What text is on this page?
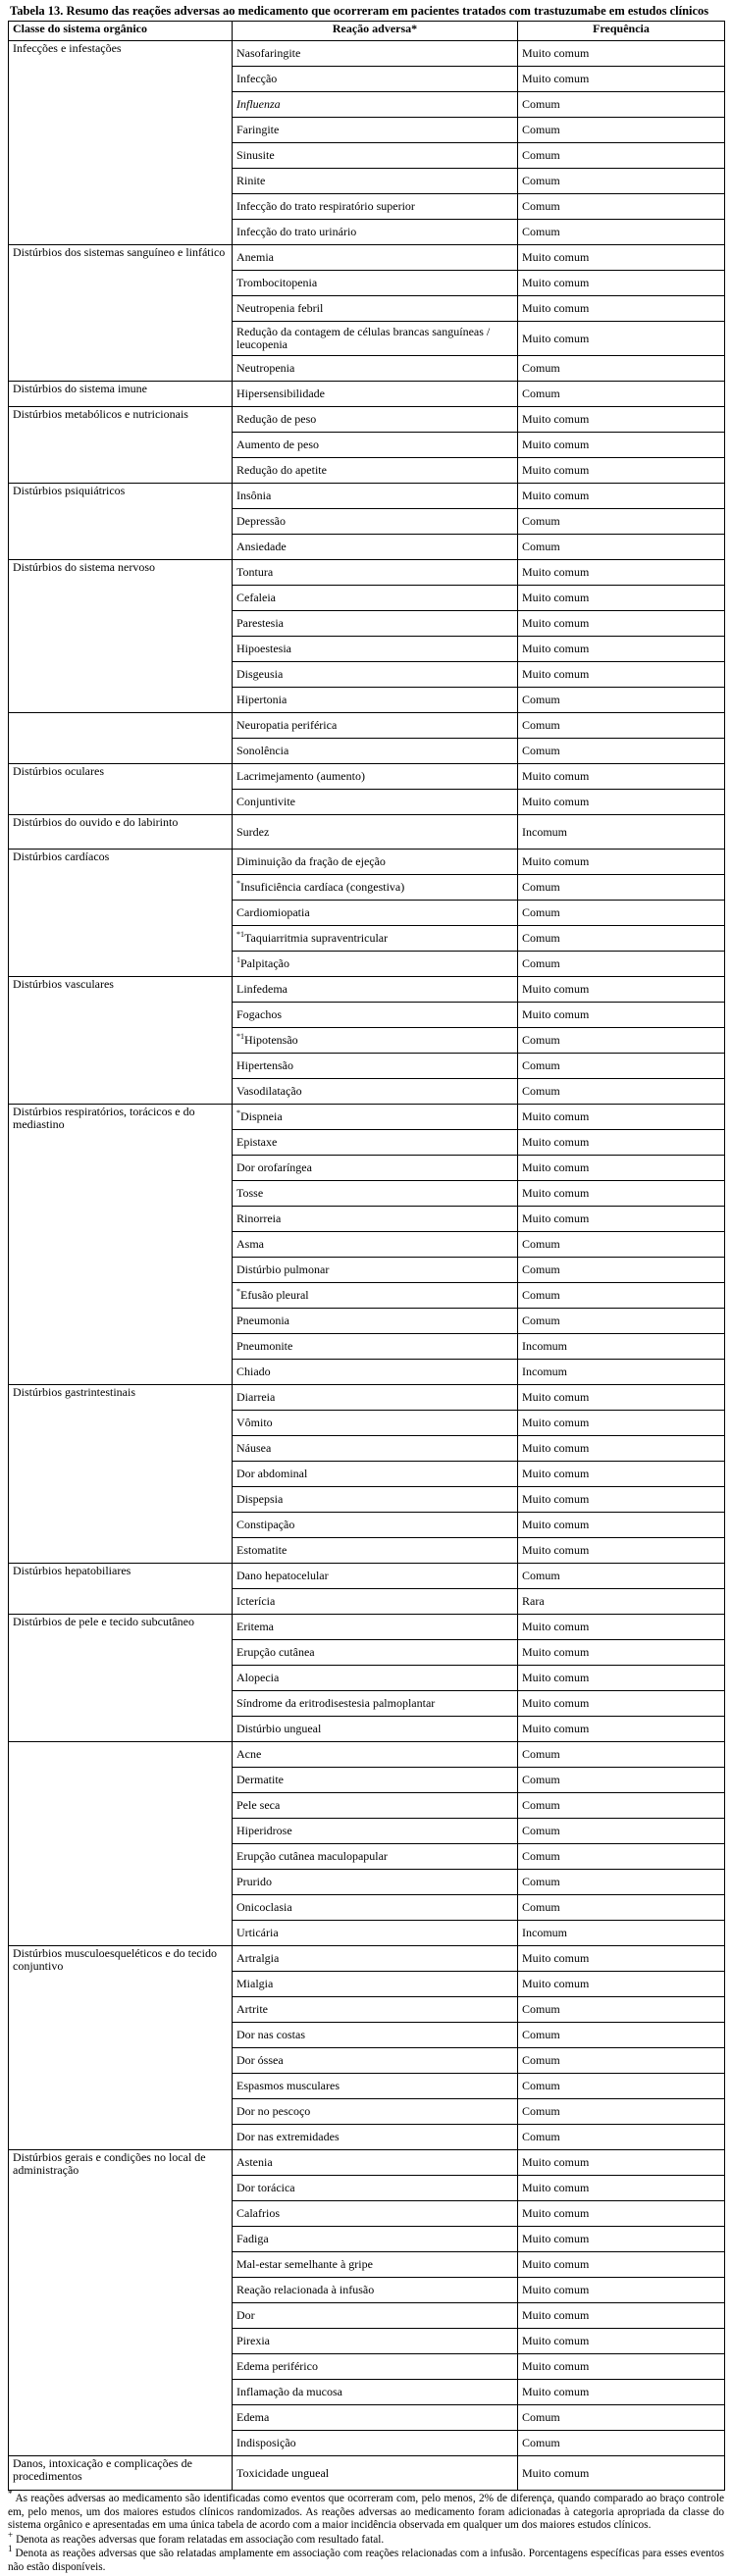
Tabela 13. Resumo das reações adversas ao medicamento que ocorreram em pacientes tratados com trastuzumabe em estudos clínicos
Classe do sistema orgânico	Reação adversa*	Frequência
Infecções e infestações	Nasofaringite	Muito comum
	Infecção	Muito comum
	Influenza	Comum
	Faringite	Comum
	Sinusite	Comum
	Rinite	Comum
	Infecção do trato respiratório superior	Comum
	Infecção do trato urinário	Comum
Distúrbios dos sistemas sanguíneo e linfático	Anemia	Muito comum
	Trombocitopenia	Muito comum
	Neutropenia febril	Muito comum
	Redução da contagem de células brancas sanguíneas / leucopenia	Muito comum
	Neutropenia	Comum
Distúrbios do sistema imune	Hipersensibilidade	Comum
Distúrbios metabólicos e nutricionais	Redução de peso	Muito comum
	Aumento de peso	Muito comum
	Redução do apetite	Muito comum
Distúrbios psiquiátricos	Insônia	Muito comum
	Depressão	Comum
	Ansiedade	Comum
Distúrbios do sistema nervoso	Tontura	Muito comum
	Cefaleia	Muito comum
	Parestesia	Muito comum
	Hipoestesia	Muito comum
	Disgeusia	Muito comum
	Hipertonia	Comum
	Neuropatia periférica	Comum
	Sonolência	Comum
Distúrbios oculares	Lacrimejamento (aumento)	Muito comum
	Conjuntivite	Muito comum
Distúrbios do ouvido e do labirinto	Surdez	Incomum
Distúrbios cardíacos	Diminuição da fração de ejeção	Muito comum
	*Insuficiência cardíaca (congestiva)	Comum
	Cardiomiopatia	Comum
	$^{*1}$Taquiarritmia supraventricular	Comum
	$^1$Palpitação	Comum
Distúrbios vasculares	Linfedema	Muito comum
	Fogachos	Muito comum
	$^{*1}$Hipotensão	Comum
	Hipertensão	Comum
	Vasodilatação	Comum
Distúrbios respiratórios, torácicos e do mediastino	*Dispneia	Muito comum
	Epistaxe	Muito comum
	Dor orofaríngea	Muito comum
	Tosse	Muito comum
	Rinorreia	Muito comum
	Asma	Comum
	Distúrbio pulmonar	Comum
	*Efusão pleural	Comum
	Pneumonia	Comum
	Pneumonite	Incomum
	Chiado	Incomum
Distúrbios gastrintestinais	Diarreia	Muito comum
	Vômito	Muito comum
	Náusea	Muito comum
	Dor abdominal	Muito comum
	Dispepsia	Muito comum
	Constipação	Muito comum
	Estomatite	Muito comum
Distúrbios hepatobiliares	Dano hepatocelular	Comum
	Icterícia	Rara
Distúrbios de pele e tecido subcutâneo	Eritema	Muito comum
	Erupção cutânea	Muito comum
	Alopecia	Muito comum
	Síndrome da eritrodisestesia palmoplantar	Muito comum
	Distúrbio ungueal	Muito comum
	Acne	Comum
	Dermatite	Comum
	Pele seca	Comum
	Hiperidrose	Comum
	Erupção cutânea maculopapular	Comum
	Prurido	Comum
	Onicoclasia	Comum
	Urticária	Incomum
Distúrbios musculoesqueléticos e do tecido conjuntivo	Artralgia	Muito comum
	Mialgia	Muito comum
	Artrite	Comum
	Dor nas costas	Comum
	Dor óssea	Comum
	Espasmos musculares	Comum
	Dor no pescoço	Comum
	Dor nas extremidades	Comum
Distúrbios gerais e condições no local de administração	Astenia	Muito comum
	Dor torácica	Muito comum
	Calafrios	Muito comum
	Fadiga	Muito comum
	Mal-estar semelhante à gripe	Muito comum
	Reação relacionada à infusão	Muito comum
	Dor	Muito comum
	Pirexia	Muito comum
	Edema periférico	Muito comum
	Inflamação da mucosa	Muito comum
	Edema	Comum
	Indisposição	Comum
Danos, intoxicação e complicações de procedimentos	Toxicidade ungueal	Muito comum

* As reações adversas ao medicamento são identificadas como eventos que ocorreram com, pelo menos, 2% de diferença, quando comparado ao braço controle em, pelo menos, um dos maiores estudos clínicos randomizados. As reações adversas ao medicamento foram adicionadas à categoria apropriada da classe do sistema orgânico e apresentadas em uma única tabela de acordo com a maior incidência observada em qualquer um dos maiores estudos clínicos.

+ Denota as reações adversas que foram relatadas em associação com resultado fatal.

$^1$ Denota as reações adversas que são relatadas amplamente em associação com reações relacionadas com a infusão. Porcentagens específicas para esses eventos não estão disponíveis.
